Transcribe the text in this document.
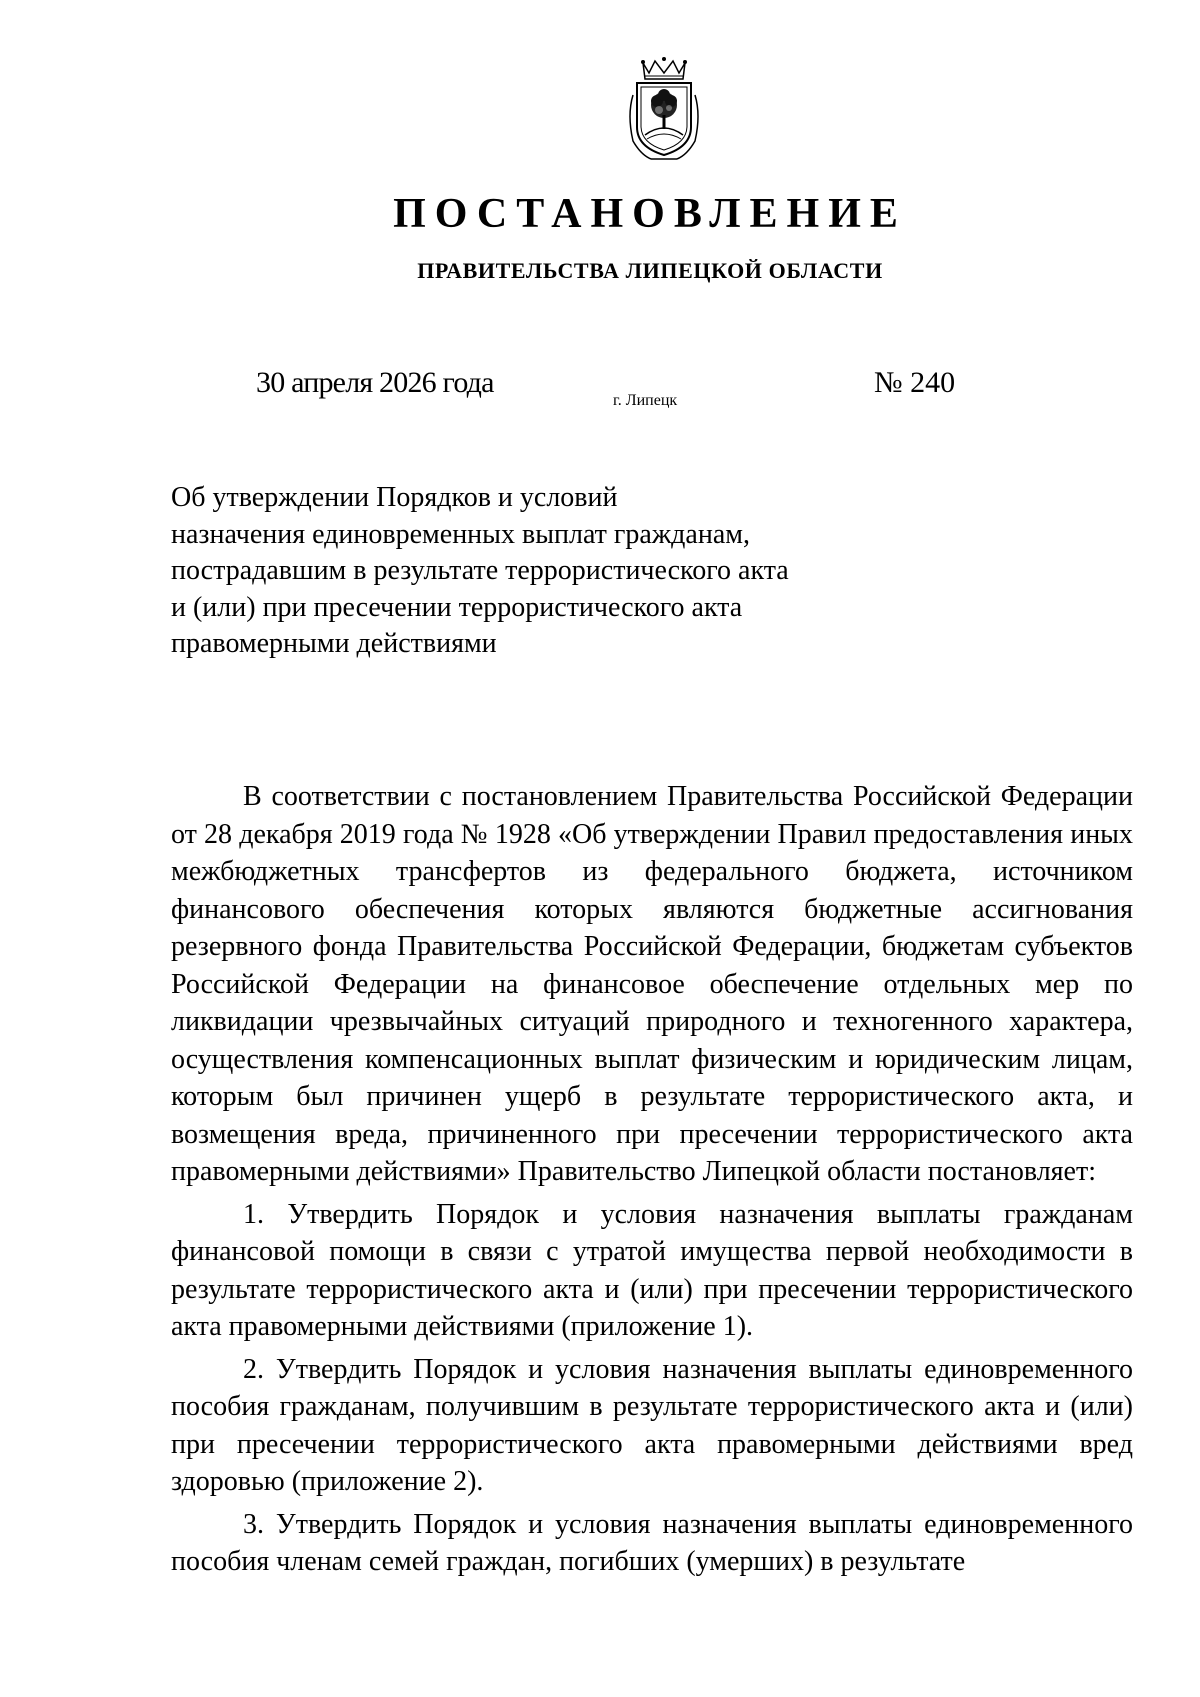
ПОСТАНОВЛЕНИЕ
ПРАВИТЕЛЬСТВА ЛИПЕЦКОЙ ОБЛАСТИ
30 апреля 2026 года
г. Липецк
№ 240
Об утверждении Порядков и условий
назначения единовременных выплат гражданам,
пострадавшим в результате террористического акта
и (или) при пресечении террористического акта
правомерными действиями

В соответствии с постановлением Правительства Российской Федерации от 28 декабря 2019 года № 1928 «Об утверждении Правил предоставления иных межбюджетных трансфертов из федерального бюджета, источником финансового обеспечения которых являются бюджетные ассигнования резервного фонда Правительства Российской Федерации, бюджетам субъектов Российской Федерации на финансовое обеспечение отдельных мер по ликвидации чрезвычайных ситуаций природного и техногенного характера, осуществления компенсационных выплат физическим и юридическим лицам, которым был причинен ущерб в результате террористического акта, и возмещения вреда, причиненного при пресечении террористического акта правомерными действиями» Правительство Липецкой области постановляет:

1. Утвердить Порядок и условия назначения выплаты гражданам финансовой помощи в связи с утратой имущества первой необходимости в результате террористического акта и (или) при пресечении террористического акта правомерными действиями (приложение 1).

2. Утвердить Порядок и условия назначения выплаты единовременного пособия гражданам, получившим в результате террористического акта и (или) при пресечении террористического акта правомерными действиями вред здоровью (приложение 2).

3. Утвердить Порядок и условия назначения выплаты единовременного пособия членам семей граждан, погибших (умерших) в результате
